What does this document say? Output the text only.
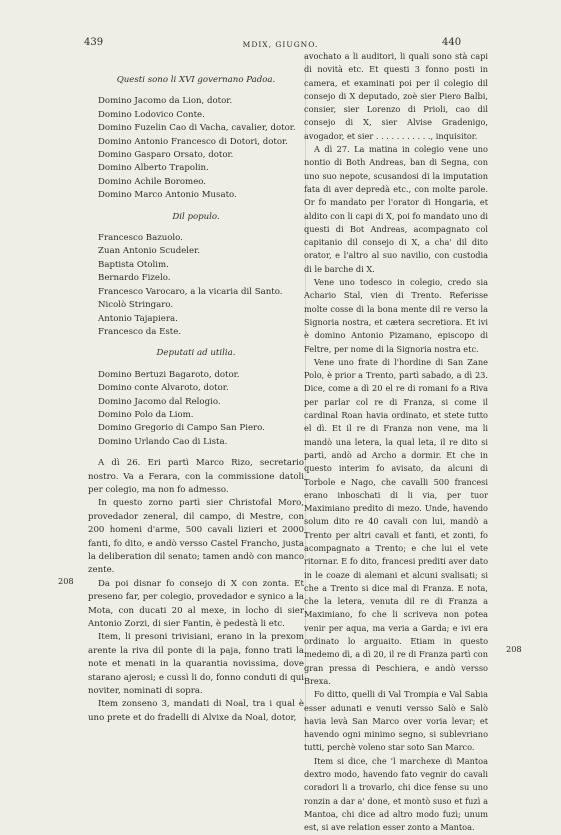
439	MDIX, GIUGNO.	440
208
208
Questi sono li XVI governano Padoa.
Domino Jacomo da Lion, dotor.
Domino Lodovico Conte.
Domino Fuzelin Cao di Vacha, cavalier, dotor.
Domino Antonio Francesco di Dotori, dotor.
Domino Gasparo Orsato, dotor.
Domino Alberto Trapolin.
Domino Achile Boromeo.
Domino Marco Antonio Musato.
Dil populo.
Francesco Bazuolo.
Zuan Antonio Scudeler.
Baptista Otolim.
Bernardo Fizelo.
Francesco Varocaro, a la vicaria dil Santo.
Nicolò Stringaro.
Antonio Tajapiera.
Francesco da Este.
Deputati ad utilia.
Domino Bertuzi Bagaroto, dotor.
Domino conte Alvaroto, dotor.
Domino Jacomo dal Relogio.
Domino Polo da Liom.
Domino Gregorio di Campo San Piero.
Domino Urlando Cao di Lista.

A dì 26. Eri partì Marco Rizo, secretario nostro. Va a Ferara, con la commissione datoli per colegio, ma non fo admesso.

In questo zorno partì sier Christofal Moro, provedador zeneral, dil campo, di Mestre, con 200 homeni d'arme, 500 cavali lizieri et 2000 fanti, fo dito, e andò versso Castel Francho, justa la deliberation dil senato; tamen andò con manco zente.

Da poi disnar fo consejo di X con zonta. Et preseno far, per colegio, provedador e synico a la Mota, con ducati 20 al mexe, in locho di sier Antonio Zorzi, di sier Fantin, è pedestà li etc.

Item, li presoni trivisiani, erano in la prexom arente la riva dil ponte di la paja, fonno trati la note et menati in la quarantia novissima, dove starano ajerosi; e cussì li do, fonno conduti di qui noviter, nominati di sopra.

Item zonseno 3, mandati di Noal, tra i qual è uno prete et do fradelli di Alvixe da Noal, dotor,

avochato a li auditori, li quali sono stà capi di novità etc. Et questi 3 fonno posti in camera, et examinati poi per il colegio dil consejo di X deputado, zoè sier Piero Balbi, consier, sier Lorenzo di Prioli, cao dil consejo di X, sier Alvise Gradenigo, avogador, et sier . . . . . . . . . . ., inquisitor.

A dì 27. La matina in colegio vene uno nontio di Both Andreas, ban di Segna, con uno suo nepote, scusandosi di la imputation fata di aver depredà etc., con molte parole. Or fo mandato per l'orator di Hongaria, et aldito con li capi di X, poi fo mandato uno di questi di Bot Andreas, acompagnato col capitanio dil consejo di X, a cha' dil dito orator, e l'altro al suo navilio, con custodia di le barche di X.

Vene uno todesco in colegio, credo sia Achario Stal, vien di Trento. Referisse molte cosse di la bona mente dil re verso la Signoria nostra, et cætera secretiora. Et ivi è domino Antonio Pizamano, episcopo di Feltre, per nome di la Signoria nostra etc.

Vene uno frate di l'hordine di San Zane Polo, è prior a Trento, partì sabado, a dì 23. Dice, come a dì 20 el re di romani fo a Riva per parlar col re di Franza, si come il cardinal Roan havia ordinato, et stete tutto el dì. Et il re di Franza non vene, ma li mandò una letera, la qual leta, il re dito si partì, andò ad Archo a dormir. Et che in questo interim fo avisato, da alcuni di Torbole e Nago, che cavalli 500 francesi erano inboschati di li via, per tuor Maximiano predito di mezo. Unde, havendo solum dito re 40 cavali con lui, mandò a Trento per altri cavali et fanti, et zonti, fo acompagnato a Trento; e che lui el vete ritornar. E fo dito, francesi prediti aver dato in le coaze di alemani et alcuni svalisati; si che a Trento si dice mal di Franza. E nota, che la letera, venuta dil re di Franza a Maximiano, fo che li scriveva non potea venir per aqua, ma veria a Garda; e ivi era ordinato lo arguaito. Etiam in questo medemo dì, a dì 20, il re di Franza partì con gran pressa di Peschiera, e andò versso Brexa.

Fo ditto, quelli di Val Trompia e Val Sabia esser adunati e venuti versso Salò e Salò havia levà San Marco over voria levar; et havendo ogni minimo segno, si sublevriano tutti, perchè voleno star soto San Marco.

Item si dice, che 'l marchexe di Mantoa dextro modo, havendo fato vegnir do cavali coradori li a trovarlo, chi dice fense su uno ronzin a dar a' done, et montò suso et fuzì a Mantoa, chi dice ad altro modo fuzì; unum est, si ave relation esser zonto a Mantoa.
